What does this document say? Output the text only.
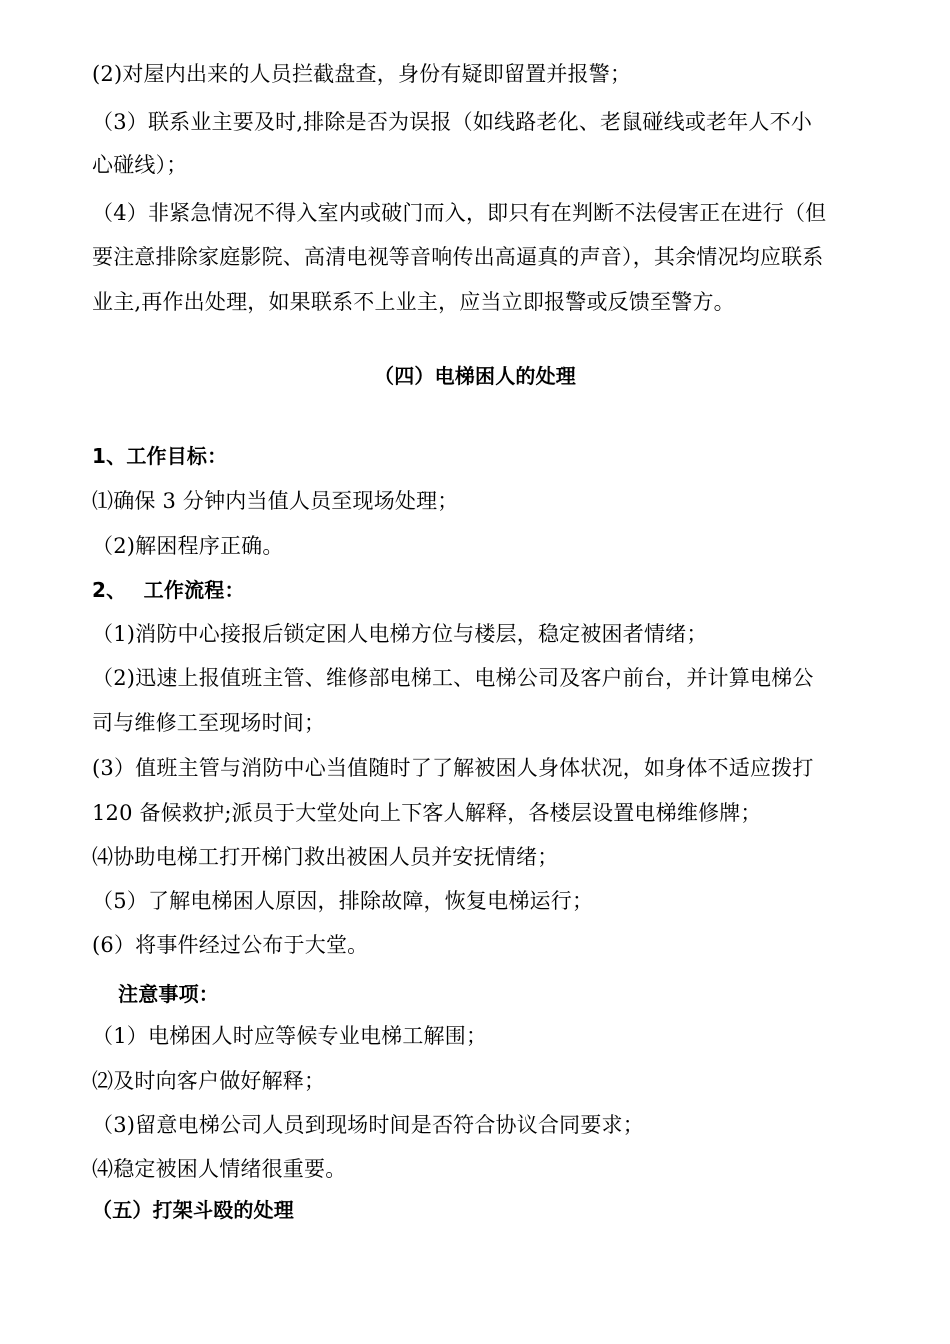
(2)对屋内出来的人员拦截盘查，身份有疑即留置并报警；
（3）联系业主要及时,排除是否为误报（如线路老化、老鼠碰线或老年人不小
心碰线）；
（4）非紧急情况不得入室内或破门而入，即只有在判断不法侵害正在进行（但
要注意排除家庭影院、高清电视等音响传出高逼真的声音），其余情况均应联系
业主,再作出处理，如果联系不上业主，应当立即报警或反馈至警方。
（四）电梯困人的处理
1、工作目标：
⑴确保 3 分钟内当值人员至现场处理；
（2)解困程序正确。
2、　 工作流程：
（1)消防中心接报后锁定困人电梯方位与楼层，稳定被困者情绪；
（2)迅速上报值班主管、维修部电梯工、电梯公司及客户前台，并计算电梯公
司与维修工至现场时间；
(3）值班主管与消防中心当值随时了了解被困人身体状况，如身体不适应拨打
120 备候救护;派员于大堂处向上下客人解释，各楼层设置电梯维修牌；
⑷协助电梯工打开梯门救出被困人员并安抚情绪；
（5）了解电梯困人原因，排除故障，恢复电梯运行；
(6）将事件经过公布于大堂。
注意事项：
（1）电梯困人时应等候专业电梯工解围；
⑵及时向客户做好解释；
（3)留意电梯公司人员到现场时间是否符合协议合同要求；
⑷稳定被困人情绪很重要。
（五）打架斗殴的处理
